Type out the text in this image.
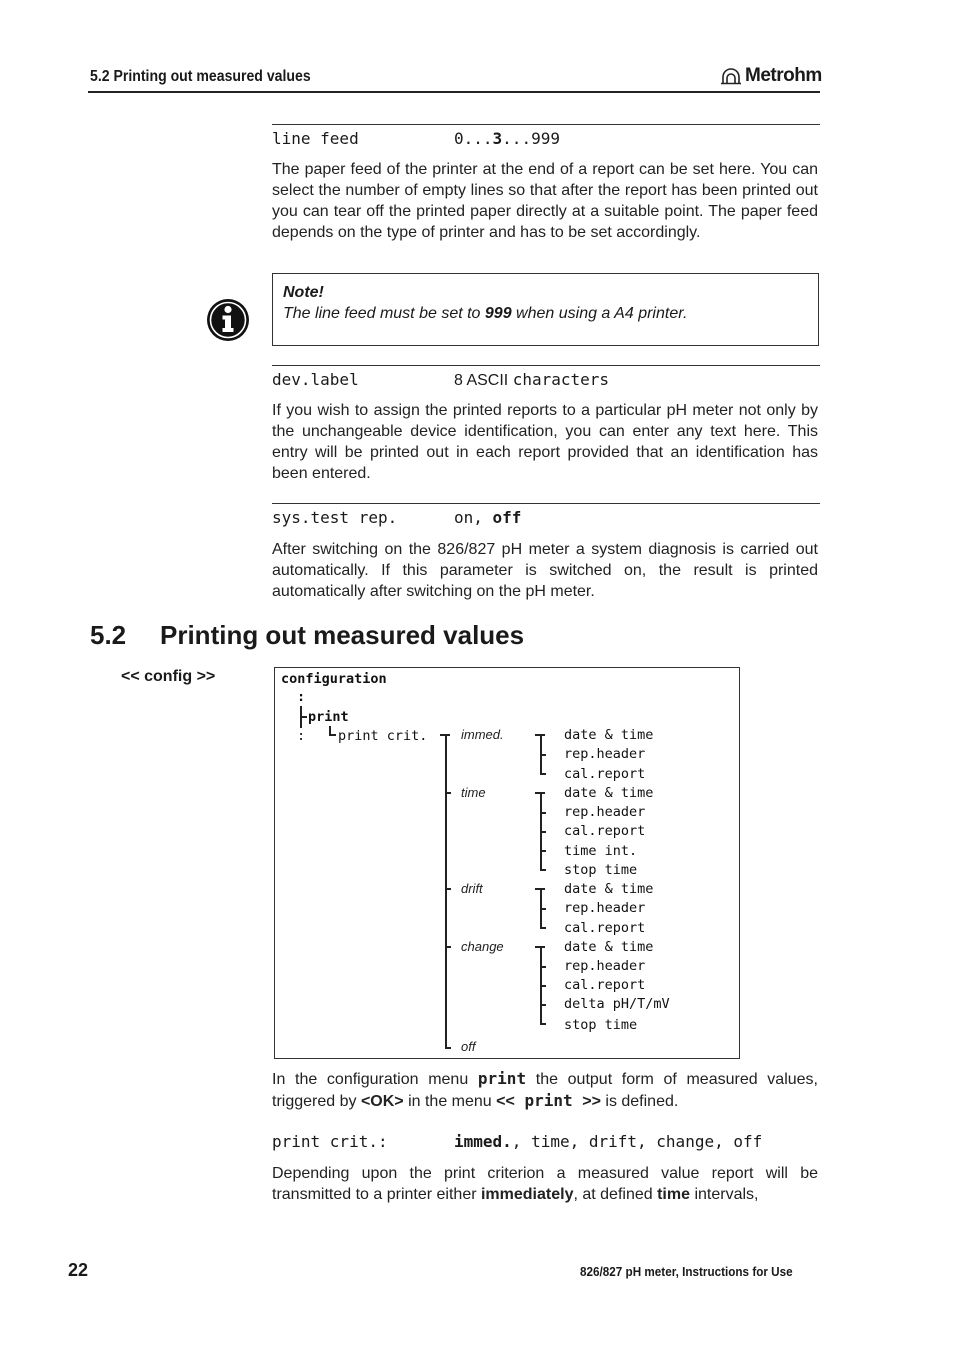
5.2 Printing out measured values	Metrohm
line feed	0...3...999
The paper feed of the printer at the end of a report can be set here. You can select the number of empty lines so that after the report has been printed out you can tear off the printed paper directly at a suitable point. The paper feed depends on the type of printer and has to be set accordingly.
Note!
The line feed must be set to 999 when using a A4 printer.
dev.label	8 ASCII characters
If you wish to assign the printed reports to a particular pH meter not only by the unchangeable device identification, you can enter any text here. This entry will be printed out in each report provided that an identification has been entered.
sys.test rep.	on, off
After switching on the 826/827 pH meter a system diagnosis is carried out automatically. If this parameter is switched on, the result is printed automatically after switching on the pH meter.
5.2 Printing out measured values
<< config >>	configuration
:
print
: print crit.	immed.
time
drift
change
off
date & time
rep.header
cal.report
date & time
rep.header
cal.report
time int.
stop time
date & time
rep.header
cal.report
date & time
rep.header
cal.report
delta pH/T/mV
stop time
In the configuration menu print the output form of measured values, triggered by <OK> in the menu << print >> is defined.
print crit.:	immed., time, drift, change, off
Depending upon the print criterion a measured value report will be transmitted to a printer either immediately, at defined time intervals,
22	826/827 pH meter, Instructions for Use
